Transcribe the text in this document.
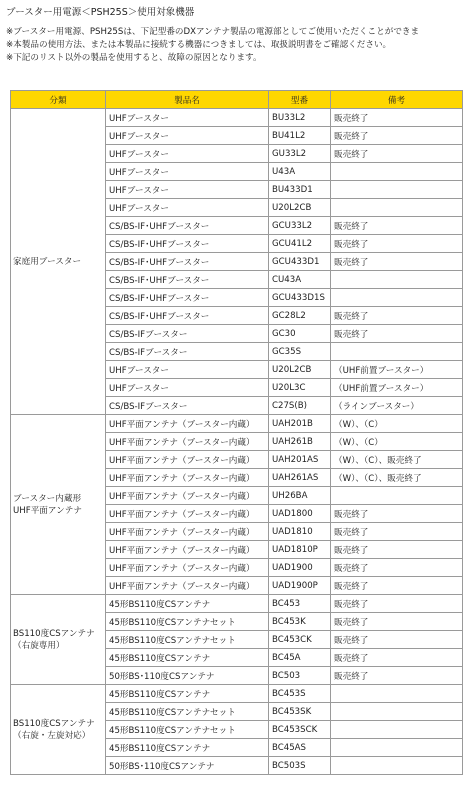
ブースター用電源＜PSH25S＞使用対象機器
※ブースター用電源、PSH25Sは、下記型番のDXアンテナ製品の電源部としてご使用いただくことができま
※本製品の使用方法、または本製品に接続する機器につきましては、取扱説明書をご確認ください。
※下記のリスト以外の製品を使用すると、故障の原因となります。
分類	製品名	型番	備考

家庭用ブースター	UHFブースター	BU33L2	販売終了
	UHFブースター	BU41L2	販売終了
	UHFブースター	GU33L2	販売終了
	UHFブースター	U43A	
	UHFブースター	BU433D1	
	UHFブースター	U20L2CB	
	CS/BS-IF･UHFブースター	GCU33L2	販売終了
	CS/BS-IF･UHFブースター	GCU41L2	販売終了
	CS/BS-IF･UHFブースター	GCU433D1	販売終了
	CS/BS-IF･UHFブースター	CU43A	
	CS/BS-IF･UHFブースター	GCU433D1S	
	CS/BS-IF･UHFブースター	GC28L2	販売終了
	CS/BS-IFブースター	GC30	販売終了
	CS/BS-IFブースター	GC35S	
	UHFブースター	U20L2CB	（UHF前置ブースター）
	UHFブースター	U20L3C	（UHF前置ブースター）
	CS/BS-IFブースター	C27S(B)	（ラインブースター）

ブースター内蔵形
UHF平面アンテナ	UHF平面アンテナ（ブースター内蔵）	UAH201B	（W）、（C）
	UHF平面アンテナ（ブースター内蔵）	UAH261B	（W）、（C）
	UHF平面アンテナ（ブースター内蔵）	UAH201AS	（W）、（C）、販売終了
	UHF平面アンテナ（ブースター内蔵）	UAH261AS	（W）、（C）、販売終了
	UHF平面アンテナ（ブースター内蔵）	UH26BA	
	UHF平面アンテナ（ブースター内蔵）	UAD1800	販売終了
	UHF平面アンテナ（ブースター内蔵）	UAD1810	販売終了
	UHF平面アンテナ（ブースター内蔵）	UAD1810P	販売終了
	UHF平面アンテナ（ブースター内蔵）	UAD1900	販売終了
	UHF平面アンテナ（ブースター内蔵）	UAD1900P	販売終了

BS110度CSアンテナ
（右旋専用）	45形BS110度CSアンテナ	BC453	販売終了
	45形BS110度CSアンテナセット	BC453K	販売終了
	45形BS110度CSアンテナセット	BC453CK	販売終了
	45形BS110度CSアンテナ	BC45A	販売終了
	50形BS･110度CSアンテナ	BC503	販売終了

BS110度CSアンテナ
（右旋・左旋対応）	45形BS110度CSアンテナ	BC453S	
	45形BS110度CSアンテナセット	BC453SK	
	45形BS110度CSアンテナセット	BC453SCK	
	45形BS110度CSアンテナ	BC45AS	
	50形BS･110度CSアンテナ	BC503S	
